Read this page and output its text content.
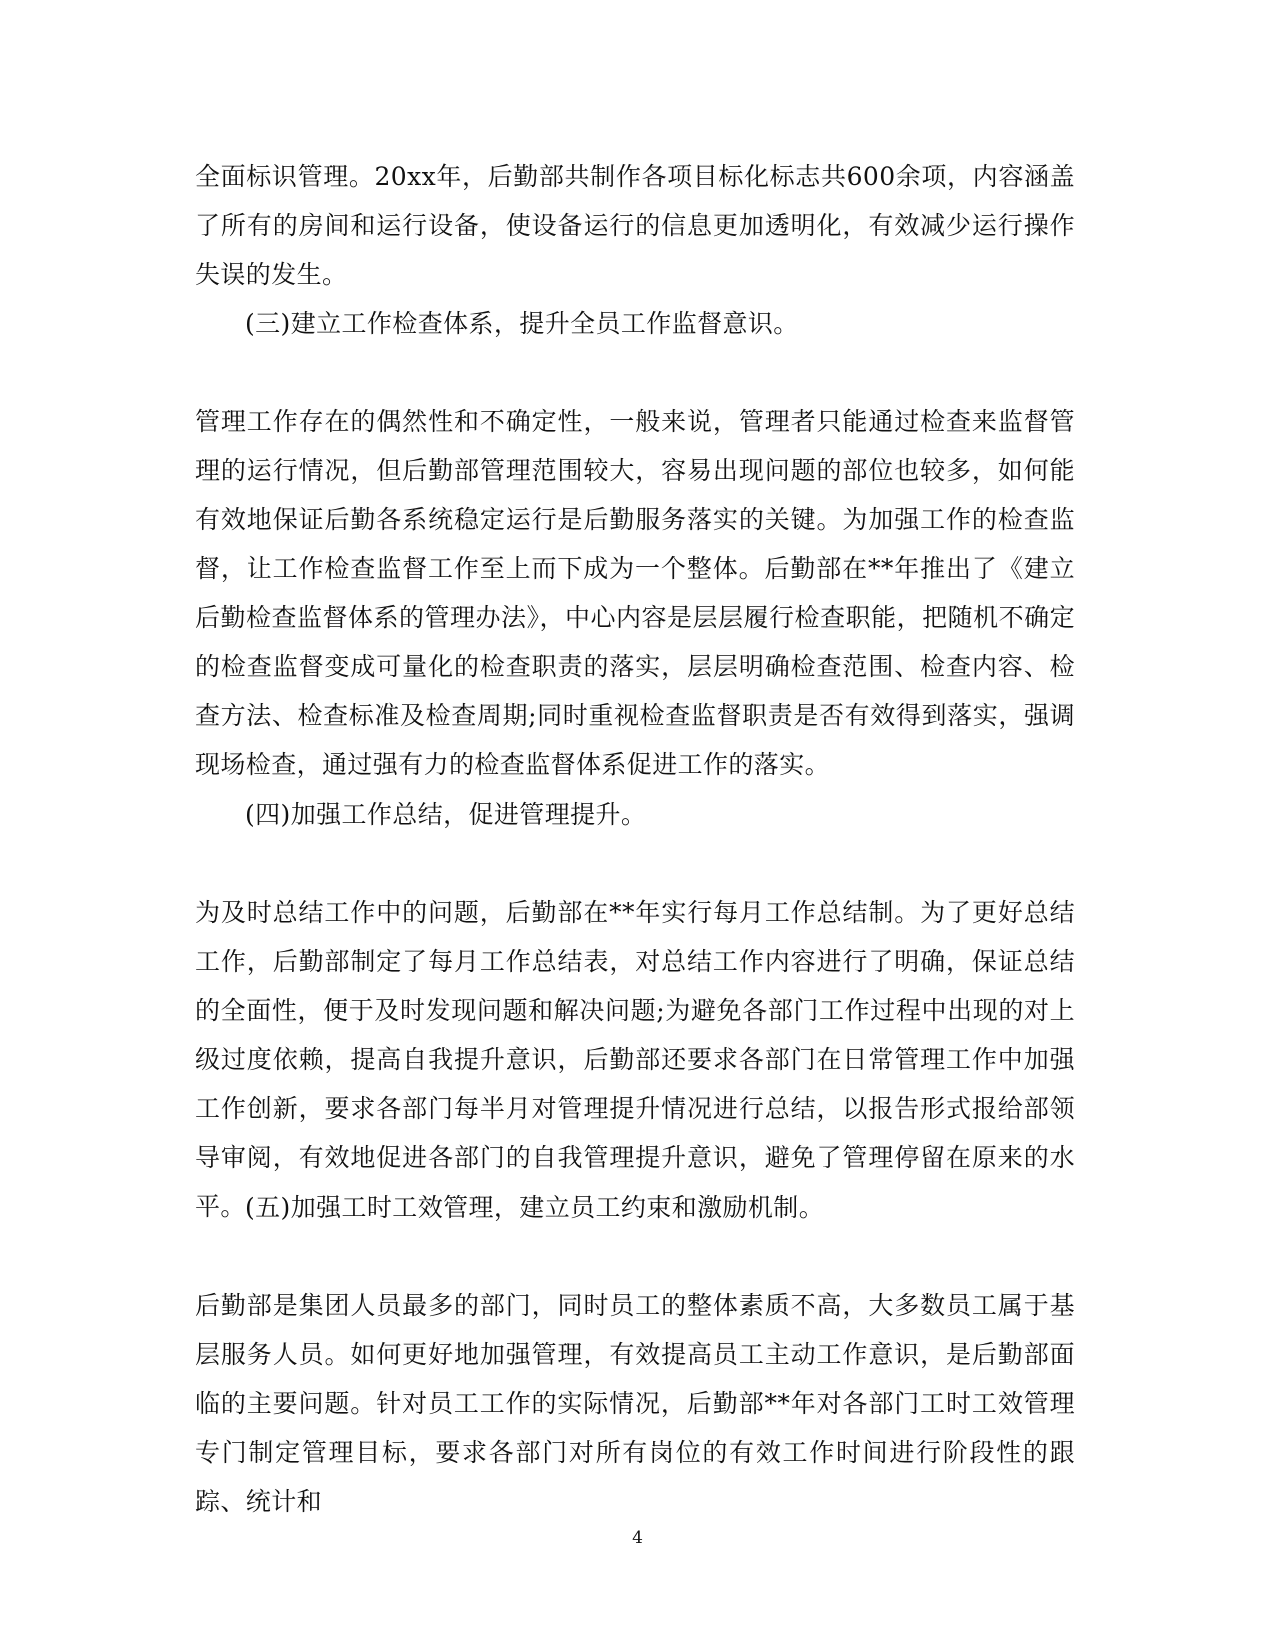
全面标识管理。20xx年，后勤部共制作各项目标化标志共600余项，内容涵盖了所有的房间和运行设备，使设备运行的信息更加透明化，有效减少运行操作失误的发生。

(三)建立工作检查体系，提升全员工作监督意识。

管理工作存在的偶然性和不确定性，一般来说，管理者只能通过检查来监督管理的运行情况，但后勤部管理范围较大，容易出现问题的部位也较多，如何能有效地保证后勤各系统稳定运行是后勤服务落实的关键。为加强工作的检查监督，让工作检查监督工作至上而下成为一个整体。后勤部在**年推出了《建立后勤检查监督体系的管理办法》，中心内容是层层履行检查职能，把随机不确定的检查监督变成可量化的检查职责的落实，层层明确检查范围、检查内容、检查方法、检查标准及检查周期;同时重视检查监督职责是否有效得到落实，强调现场检查，通过强有力的检查监督体系促进工作的落实。

(四)加强工作总结，促进管理提升。

为及时总结工作中的问题，后勤部在**年实行每月工作总结制。为了更好总结工作，后勤部制定了每月工作总结表，对总结工作内容进行了明确，保证总结的全面性，便于及时发现问题和解决问题;为避免各部门工作过程中出现的对上级过度依赖，提高自我提升意识，后勤部还要求各部门在日常管理工作中加强工作创新，要求各部门每半月对管理提升情况进行总结，以报告形式报给部领导审阅，有效地促进各部门的自我管理提升意识，避免了管理停留在原来的水平。 (五)加强工时工效管理，建立员工约束和激励机制。

后勤部是集团人员最多的部门，同时员工的整体素质不高，大多数员工属于基层服务人员。如何更好地加强管理，有效提高员工主动工作意识，是后勤部面临的主要问题。针对员工工作的实际情况，后勤部**年对各部门工时工效管理专门制定管理目标，要求各部门对所有岗位的有效工作时间进行阶段性的跟踪、统计和

4
